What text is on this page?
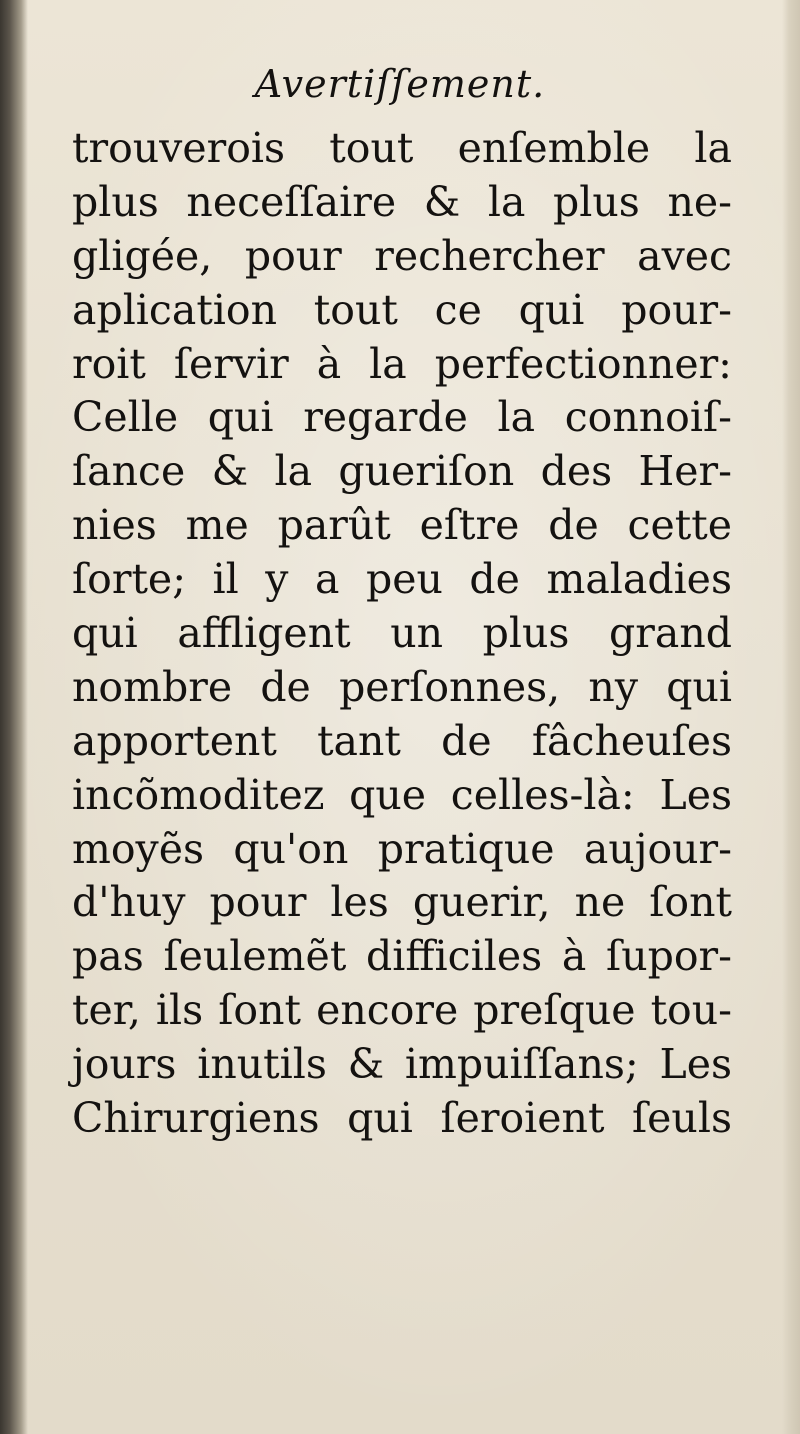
Avertiſſement.
trouverois tout enſemble la
plus neceſſaire & la plus ne-
gligée, pour rechercher avec
aplication tout ce qui pour-
roit ſervir à la perfectionner:
Celle qui regarde la connoiſ-
ſance & la gueriſon des Her-
nies me parût eſtre de cette
ſorte; il y a peu de maladies
qui affligent un plus grand
nombre de perſonnes, ny qui
apportent tant de fâcheuſes
incõmoditez que celles-là: Les
moyẽs qu'on pratique aujour-
d'huy pour les guerir, ne ſont
pas ſeulemẽt difficiles à ſupor-
ter, ils ſont encore preſque tou-
jours inutils & impuiſſans; Les
Chirurgiens qui ſeroient ſeuls
